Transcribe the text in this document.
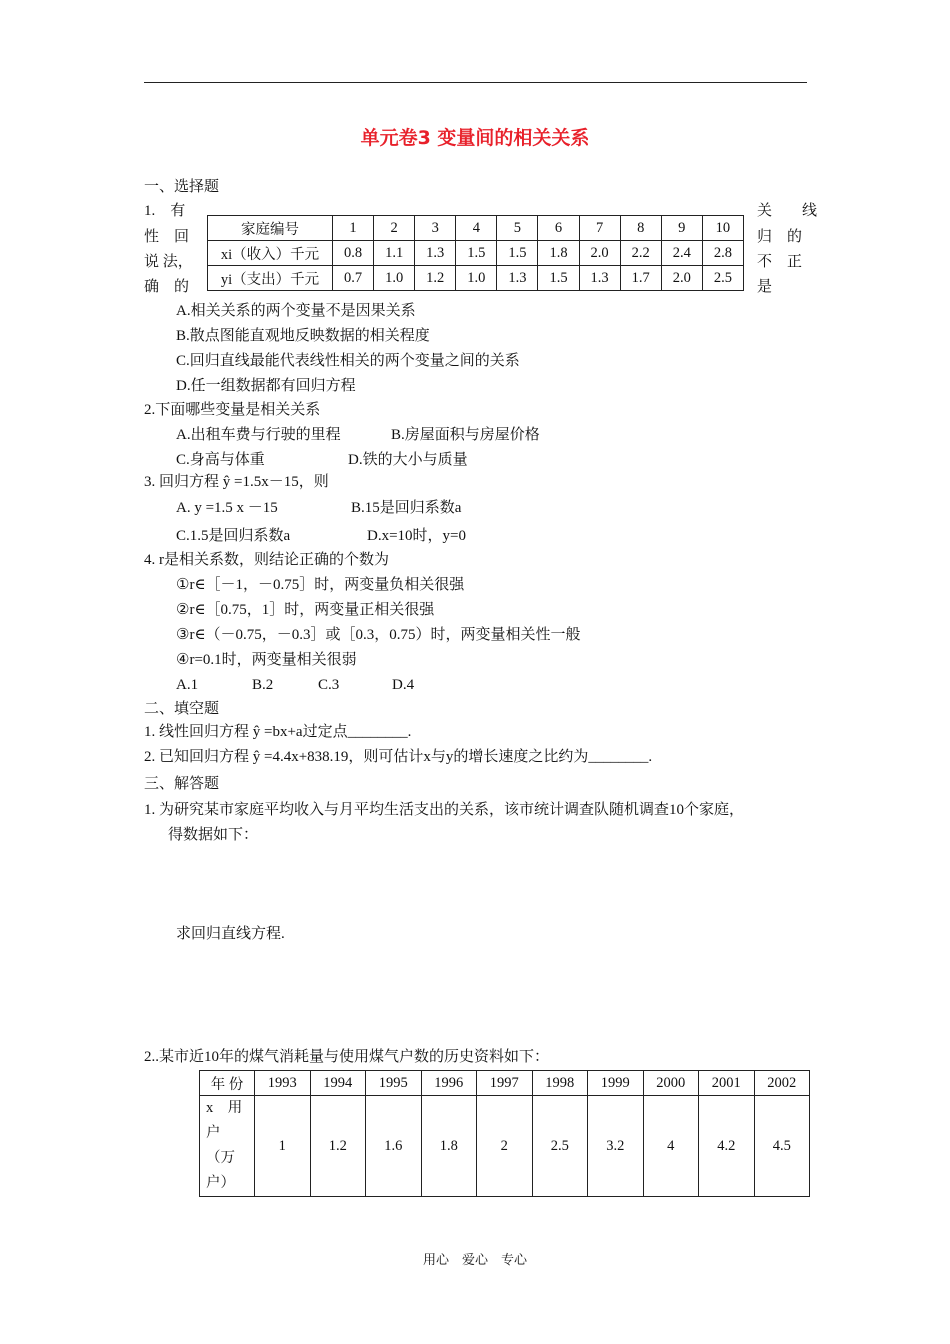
单元卷3 变量间的相关关系
一、选择题
1.　有
性　回
说 法，
确　的
关　　线
归　的
不　正
是
家庭编号	1	2	3	4	5	6	7	8	9	10
xi（收入）千元	0.8	1.1	1.3	1.5	1.5	1.8	2.0	2.2	2.4	2.8
yi（支出）千元	0.7	1.0	1.2	1.0	1.3	1.5	1.3	1.7	2.0	2.5
A.相关关系的两个变量不是因果关系
B.散点图能直观地反映数据的相关程度
C.回归直线最能代表线性相关的两个变量之间的关系
D.任一组数据都有回归方程
2.下面哪些变量是相关关系
A.出租车费与行驶的里程	B.房屋面积与房屋价格
C.身高与体重	D.铁的大小与质量
3. 回归方程 ŷ =1.5x－15，则
A. y =1.5 x －15	B.15是回归系数a
C.1.5是回归系数a	D.x=10时，y=0
4. r是相关系数，则结论正确的个数为
①r∈［－1，－0.75］时，两变量负相关很强
②r∈［0.75，1］时，两变量正相关很强
③r∈（－0.75，－0.3］或［0.3，0.75）时，两变量相关性一般
④r=0.1时，两变量相关很弱
A.1	B.2	C.3	D.4
二、填空题
1. 线性回归方程 ŷ =bx+a过定点________.
2. 已知回归方程 ŷ =4.4x+838.19，则可估计x与y的增长速度之比约为________.
三、解答题
1. 为研究某市家庭平均收入与月平均生活支出的关系，该市统计调查队随机调查10个家庭，
得数据如下：
求回归直线方程.
2..某市近10年的煤气消耗量与使用煤气户数的历史资料如下：
年 份	1993	1994	1995	1996	1997	1998	1999	2000	2001	2002

x　用
户
（万
户）	1	1.2	1.6	1.8	2	2.5	3.2	4	4.2	4.5
用心　爱心　专心
